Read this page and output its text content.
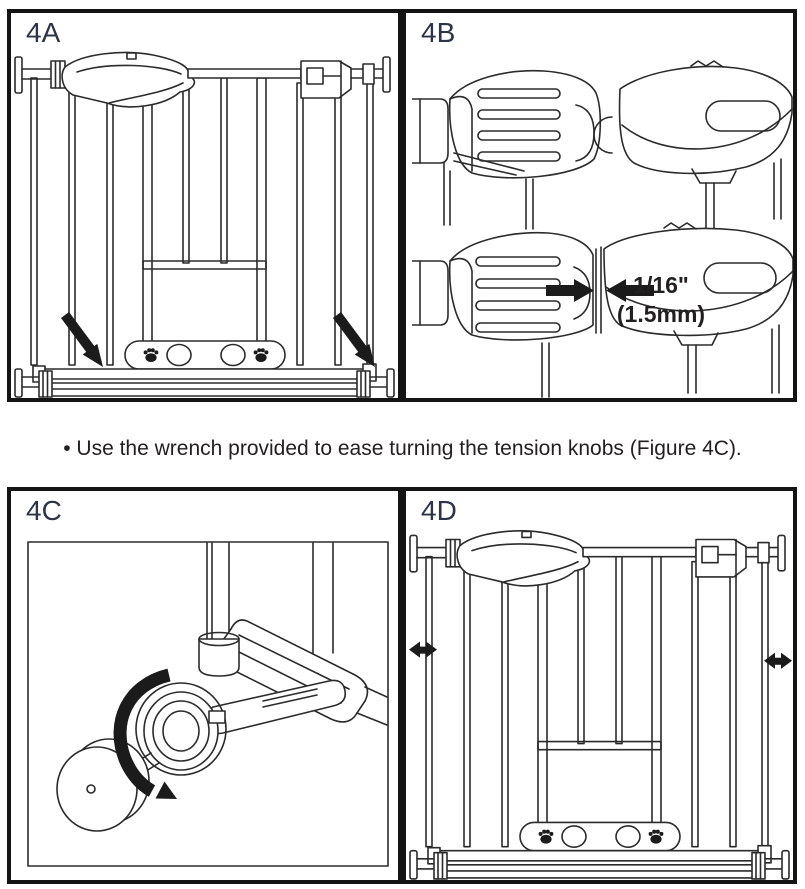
4A	4B
1/16"
(1.5mm)
• Use the wrench provided to ease turning the tension knobs (Figure 4C).
4C	4D
